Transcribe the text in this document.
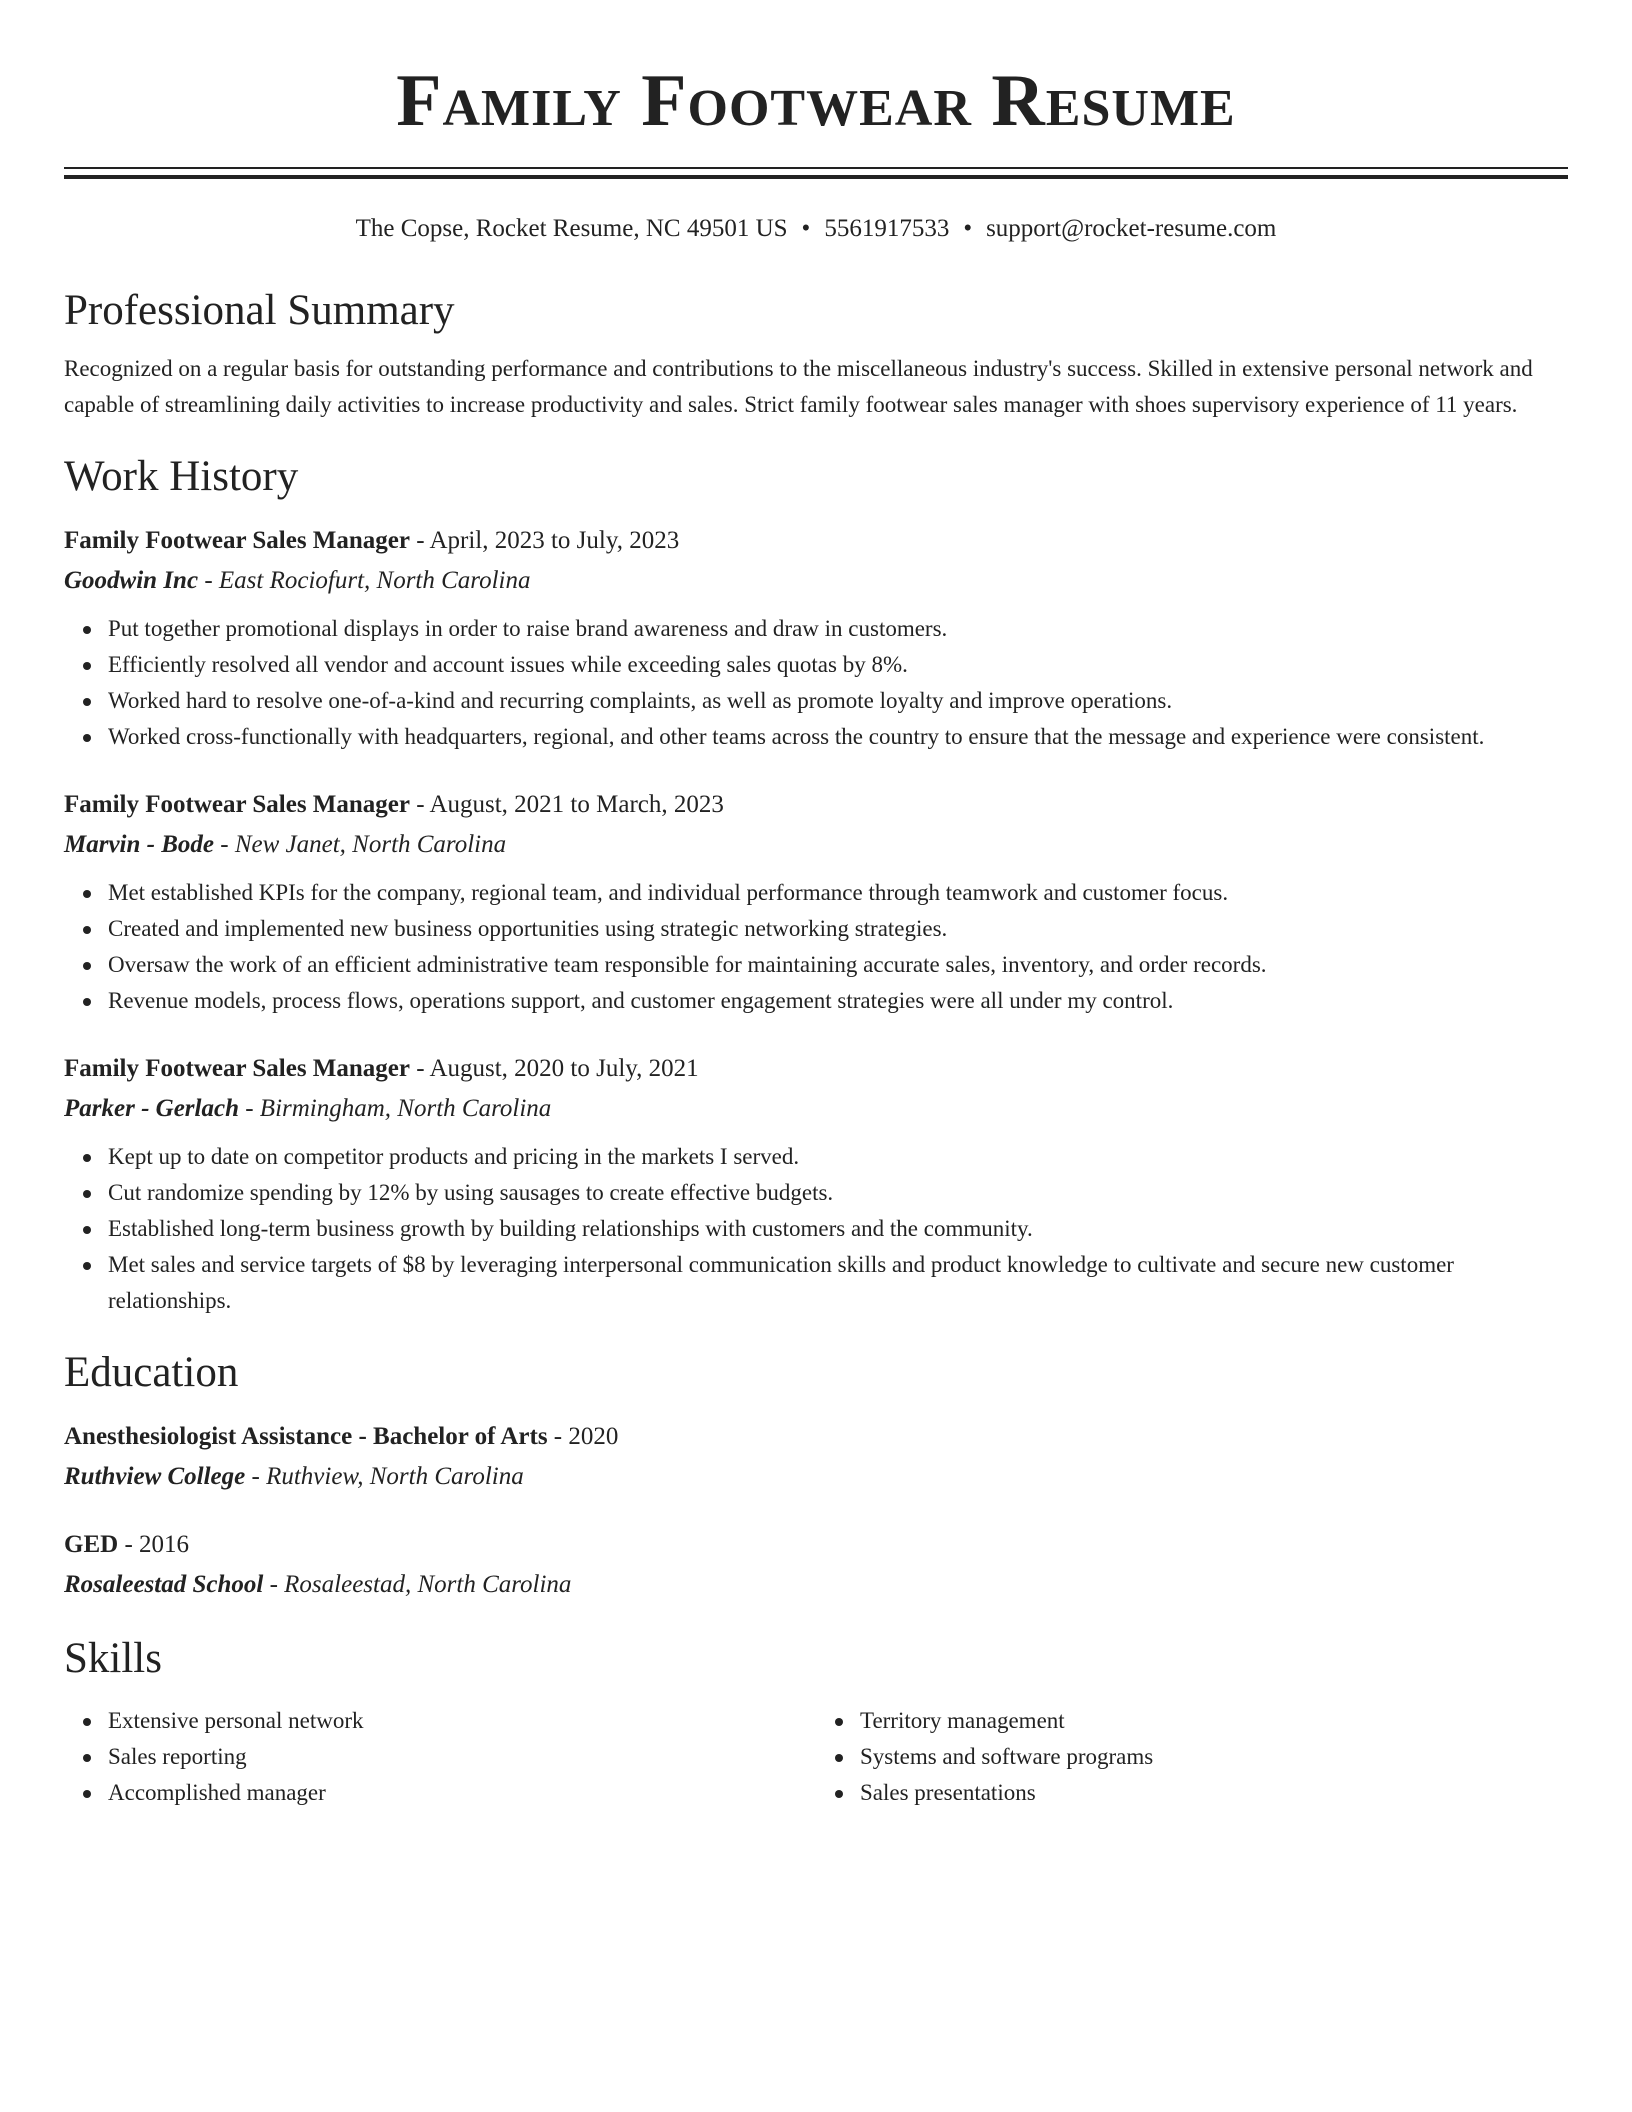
Family Footwear Resume
The Copse, Rocket Resume, NC 49501 US • 5561917533 • support@rocket-resume.com
Professional Summary

Recognized on a regular basis for outstanding performance and contributions to the miscellaneous industry's success. Skilled in extensive personal network and capable of streamlining daily activities to increase productivity and sales. Strict family footwear sales manager with shoes supervisory experience of 11 years.

Work History
Family Footwear Sales Manager - April, 2023 to July, 2023
Goodwin Inc - East Rociofurt, North Carolina
Put together promotional displays in order to raise brand awareness and draw in customers.
Efficiently resolved all vendor and account issues while exceeding sales quotas by 8%.
Worked hard to resolve one-of-a-kind and recurring complaints, as well as promote loyalty and improve operations.
Worked cross-functionally with headquarters, regional, and other teams across the country to ensure that the message and experience were consistent.
Family Footwear Sales Manager - August, 2021 to March, 2023
Marvin - Bode - New Janet, North Carolina
Met established KPIs for the company, regional team, and individual performance through teamwork and customer focus.
Created and implemented new business opportunities using strategic networking strategies.
Oversaw the work of an efficient administrative team responsible for maintaining accurate sales, inventory, and order records.
Revenue models, process flows, operations support, and customer engagement strategies were all under my control.
Family Footwear Sales Manager - August, 2020 to July, 2021
Parker - Gerlach - Birmingham, North Carolina
Kept up to date on competitor products and pricing in the markets I served.
Cut randomize spending by 12% by using sausages to create effective budgets.
Established long-term business growth by building relationships with customers and the community.
Met sales and service targets of $8 by leveraging interpersonal communication skills and product knowledge to cultivate and secure new customer relationships.
Education
Anesthesiologist Assistance - Bachelor of Arts - 2020
Ruthview College - Ruthview, North Carolina
GED - 2016
Rosaleestad School - Rosaleestad, North Carolina
Skills
Extensive personal network
Sales reporting
Accomplished manager
Territory management
Systems and software programs
Sales presentations
